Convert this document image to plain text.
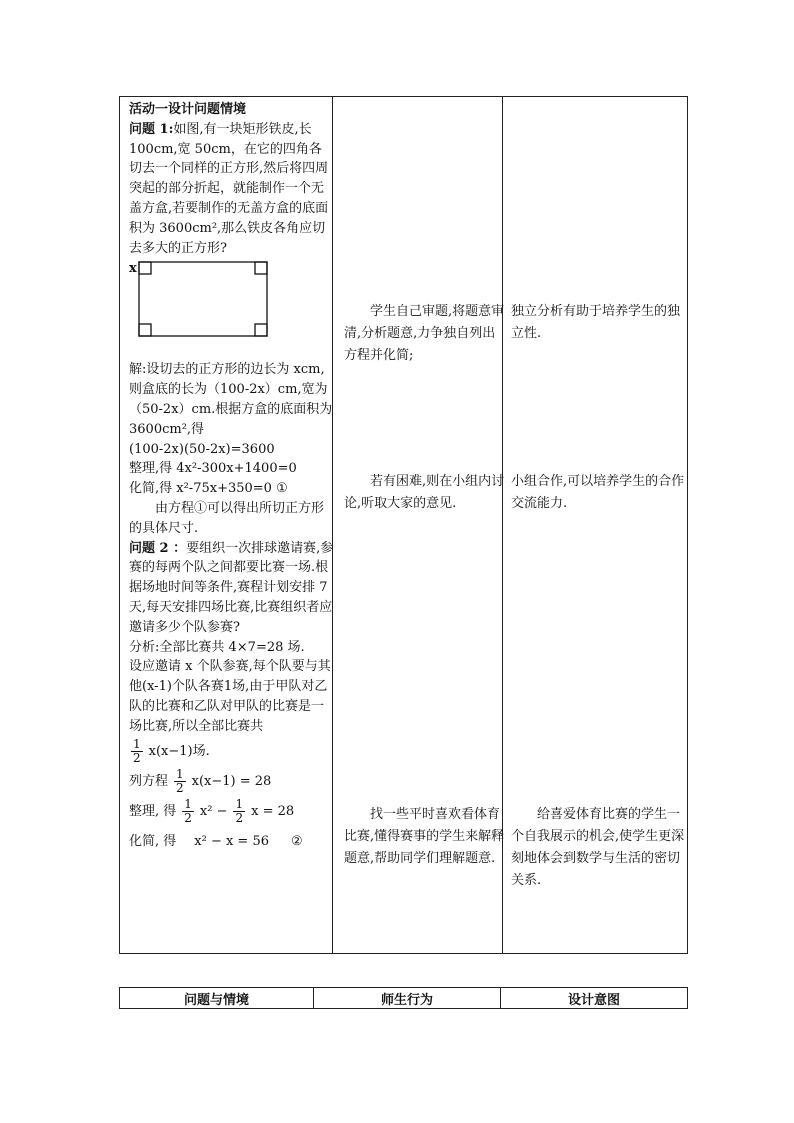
活动一设计问题情境

问题 1:如图,有一块矩形铁皮,长 100cm,宽 50cm，在它的四角各切去一个同样的正方形,然后将四周突起的部分折起，就能制作一个无盖方盒,若要制作的无盖方盒的底面积为 3600cm²,那么铁皮各角应切去多大的正方形?

x

解:设切去的正方形的边长为 xcm,则盒底的长为（100-2x）cm,宽为（50-2x）cm.根据方盒的底面积为 3600cm²,得

(100-2x)(50-2x)=3600

整理,得 4x²-300x+1400=0

化简,得 x²-75x+350=0 ①

由方程①可以得出所切正方形的具体尺寸.

问题 2 ：要组织一次排球邀请赛,参赛的每两个队之间都要比赛一场.根据场地时间等条件,赛程计划安排 7 天,每天安排四场比赛,比赛组织者应邀请多少个队参赛?

分析:全部比赛共 4×7=28 场.

设应邀请 x 个队参赛,每个队要与其他(x-1)个队各赛1场,由于甲队对乙队的比赛和乙队对甲队的比赛是一场比赛,所以全部比赛共

$\frac{1}{2} x(x-1)$场.
列方程 $\frac{1}{2} x(x-1) = 28$
整理, 得 $\frac{1}{2} x^2 - \frac{1}{2}$ x = 28
化简, 得 x² − x = 56 ②

学生自己审题,将题意审清,分析题意,力争独自列出方程并化简;

若有困难,则在小组内讨论,听取大家的意见.

找一些平时喜欢看体育比赛,懂得赛事的学生来解释题意,帮助同学们理解题意.

独立分析有助于培养学生的独立性.

小组合作,可以培养学生的合作交流能力.

给喜爱体育比赛的学生一个自我展示的机会,使学生更深刻地体会到数学与生活的密切关系.

问题与情境	师生行为	设计意图
